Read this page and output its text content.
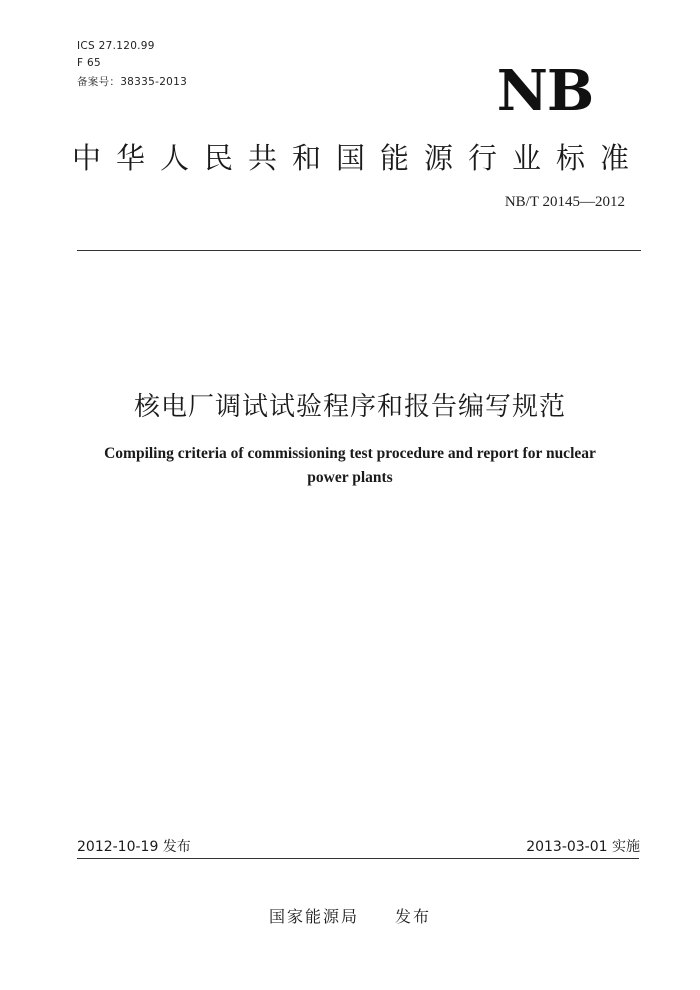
ICS 27.120.99
F 65
备案号：38335-2013	NB
中华人民共和国能源行业标准
NB/T 20145—2012
核电厂调试试验程序和报告编写规范
Compiling criteria of commissioning test procedure and report for nuclear
power plants
2012-10-19 发布	2013-03-01 实施
国家能源局 发布
